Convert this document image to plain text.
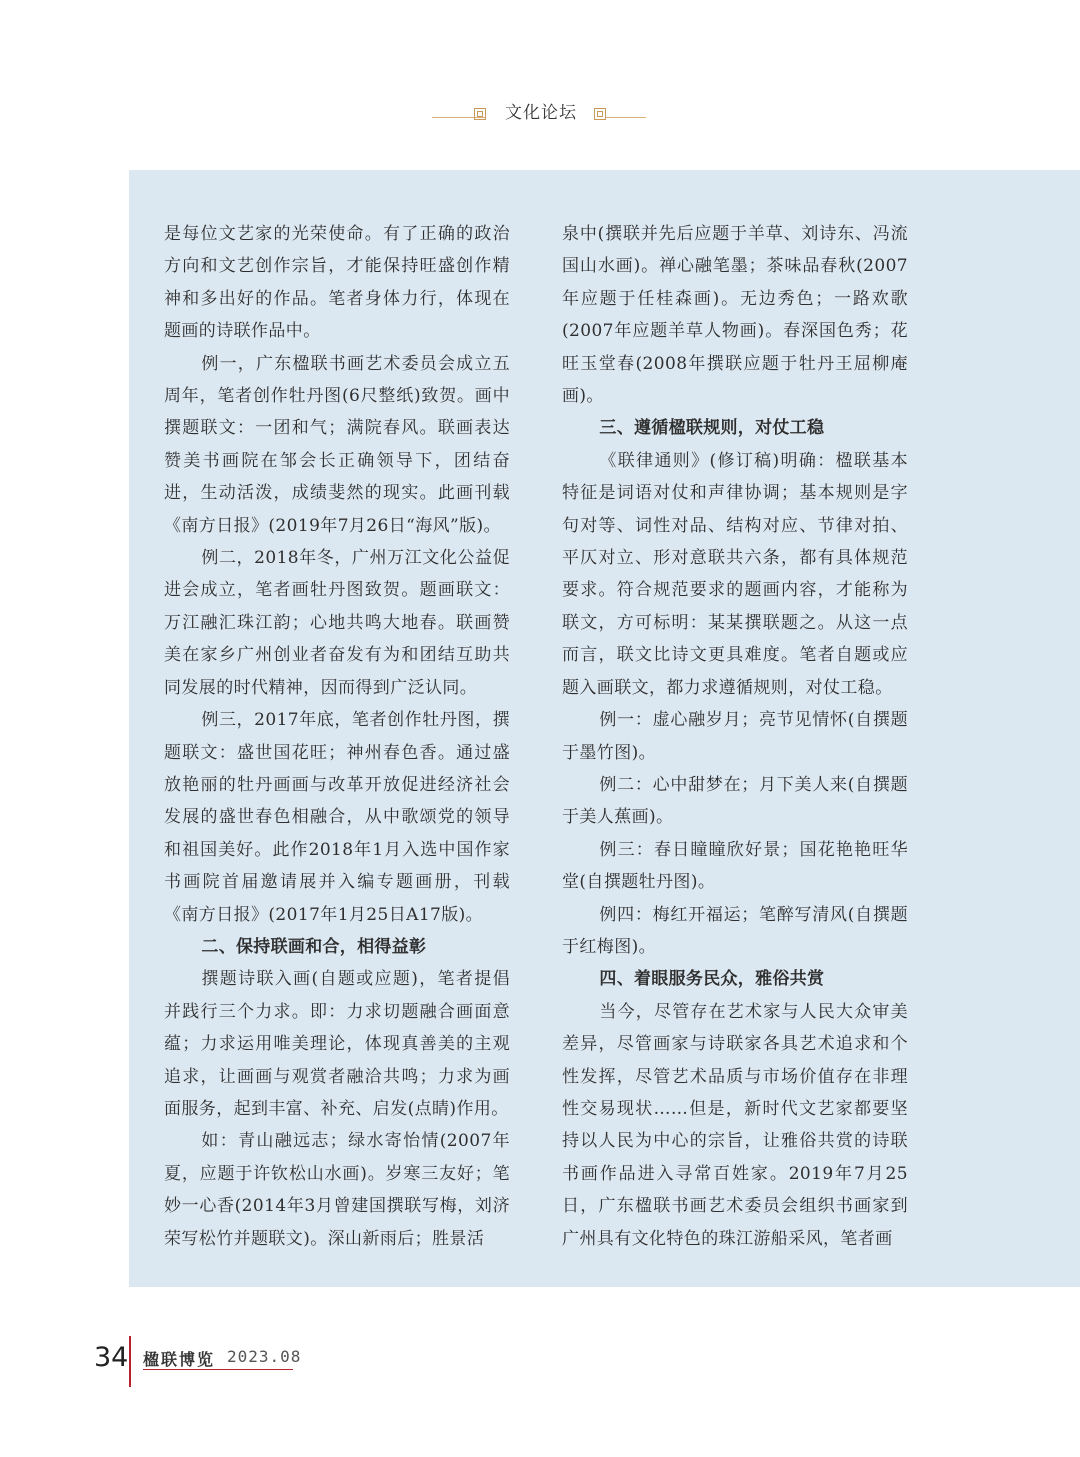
文化论坛

是每位文艺家的光荣使命。有了正确的政治方向和文艺创作宗旨，才能保持旺盛创作精神和多出好的作品。笔者身体力行，体现在题画的诗联作品中。

例一，广东楹联书画艺术委员会成立五周年，笔者创作牡丹图(6尺整纸)致贺。画中撰题联文：一团和气；满院春风。联画表达赞美书画院在邹会长正确领导下，团结奋进，生动活泼，成绩斐然的现实。此画刊载《南方日报》(2019年7月26日“海风”版)。

例二，2018年冬，广州万江文化公益促进会成立，笔者画牡丹图致贺。题画联文：万江融汇珠江韵；心地共鸣大地春。联画赞美在家乡广州创业者奋发有为和团结互助共同发展的时代精神，因而得到广泛认同。

例三，2017年底，笔者创作牡丹图，撰题联文：盛世国花旺；神州春色香。通过盛放艳丽的牡丹画画与改革开放促进经济社会发展的盛世春色相融合，从中歌颂党的领导和祖国美好。此作2018年1月入选中国作家书画院首届邀请展并入编专题画册，刊载《南方日报》(2017年1月25日A17版)。

二、保持联画和合，相得益彰

撰题诗联入画(自题或应题)，笔者提倡并践行三个力求。即：力求切题融合画面意蕴；力求运用唯美理论，体现真善美的主观追求，让画画与观赏者融洽共鸣；力求为画面服务，起到丰富、补充、启发(点睛)作用。

如：青山融远志；绿水寄怡情(2007年夏，应题于许钦松山水画)。岁寒三友好；笔妙一心香(2014年3月曾建国撰联写梅，刘济荣写松竹并题联文)。深山新雨后；胜景活

泉中(撰联并先后应题于羊草、刘诗东、冯流国山水画)。禅心融笔墨；茶味品春秋(2007年应题于任桂森画)。无边秀色；一路欢歌(2007年应题羊草人物画)。春深国色秀；花旺玉堂春(2008年撰联应题于牡丹王屈柳庵画)。

三、遵循楹联规则，对仗工稳

《联律通则》(修订稿)明确：楹联基本特征是词语对仗和声律协调；基本规则是字句对等、词性对品、结构对应、节律对拍、平仄对立、形对意联共六条，都有具体规范要求。符合规范要求的题画内容，才能称为联文，方可标明：某某撰联题之。从这一点而言，联文比诗文更具难度。笔者自题或应题入画联文，都力求遵循规则，对仗工稳。

例一：虚心融岁月；亮节见情怀(自撰题于墨竹图)。

例二：心中甜梦在；月下美人来(自撰题于美人蕉画)。

例三：春日瞳瞳欣好景；国花艳艳旺华堂(自撰题牡丹图)。

例四：梅红开福运；笔醉写清风(自撰题于红梅图)。

四、着眼服务民众，雅俗共赏

当今，尽管存在艺术家与人民大众审美差异，尽管画家与诗联家各具艺术追求和个性发挥，尽管艺术品质与市场价值存在非理性交易现状……但是，新时代文艺家都要坚持以人民为中心的宗旨，让雅俗共赏的诗联书画作品进入寻常百姓家。2019年7月25日，广东楹联书画艺术委员会组织书画家到广州具有文化特色的珠江游船采风，笔者画

34 楹联博览 2023.08
